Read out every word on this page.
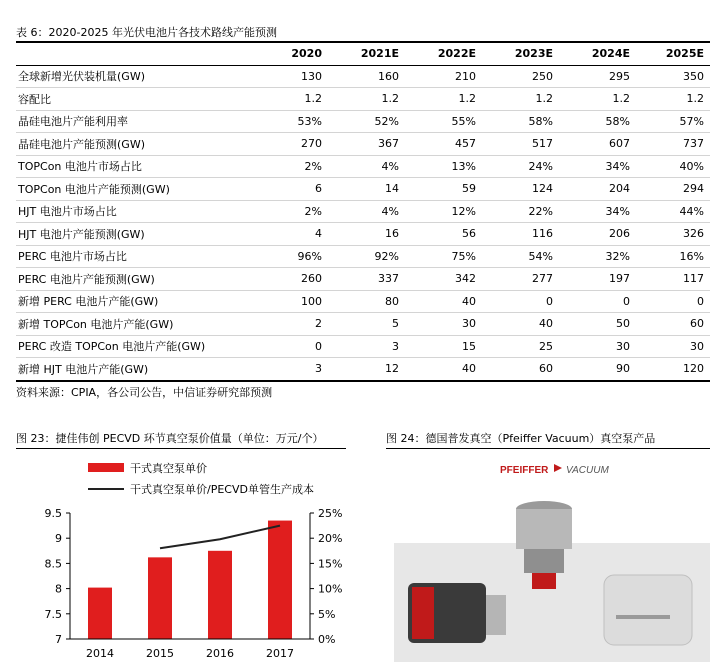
表 6：2020-2025 年光伏电池片各技术路线产能预测
	2020	2021E	2022E	2023E	2024E	2025E
全球新增光伏装机量(GW)	130	160	210	250	295	350
容配比	1.2	1.2	1.2	1.2	1.2	1.2
晶硅电池片产能利用率	53%	52%	55%	58%	58%	57%
晶硅电池片产能预测(GW)	270	367	457	517	607	737
TOPCon 电池片市场占比	2%	4%	13%	24%	34%	40%
TOPCon 电池片产能预测(GW)	6	14	59	124	204	294
HJT 电池片市场占比	2%	4%	12%	22%	34%	44%
HJT 电池片产能预测(GW)	4	16	56	116	206	326
PERC 电池片市场占比	96%	92%	75%	54%	32%	16%
PERC 电池片产能预测(GW)	260	337	342	277	197	117
新增 PERC 电池片产能(GW)	100	80	40	0	0	0
新增 TOPCon 电池片产能(GW)	2	5	30	40	50	60
PERC 改造 TOPCon 电池片产能(GW)	0	3	15	25	30	30
新增 HJT 电池片产能(GW)	3	12	40	60	90	120
资料来源：CPIA，各公司公告，中信证券研究部预测
图 23：捷佳伟创 PECVD 环节真空泵价值量（单位：万元/个）	图 24：德国普发真空（Pfeiffer Vacuum）真空泵产品
干式真空泵单价
干式真空泵单价/PECVD单管生产成本
7
7.5
8
8.5
9
9.5
0%
5%
10%
15%
20%
25%
2014	2015	2016	2017
PFEIFFER VACUUM
